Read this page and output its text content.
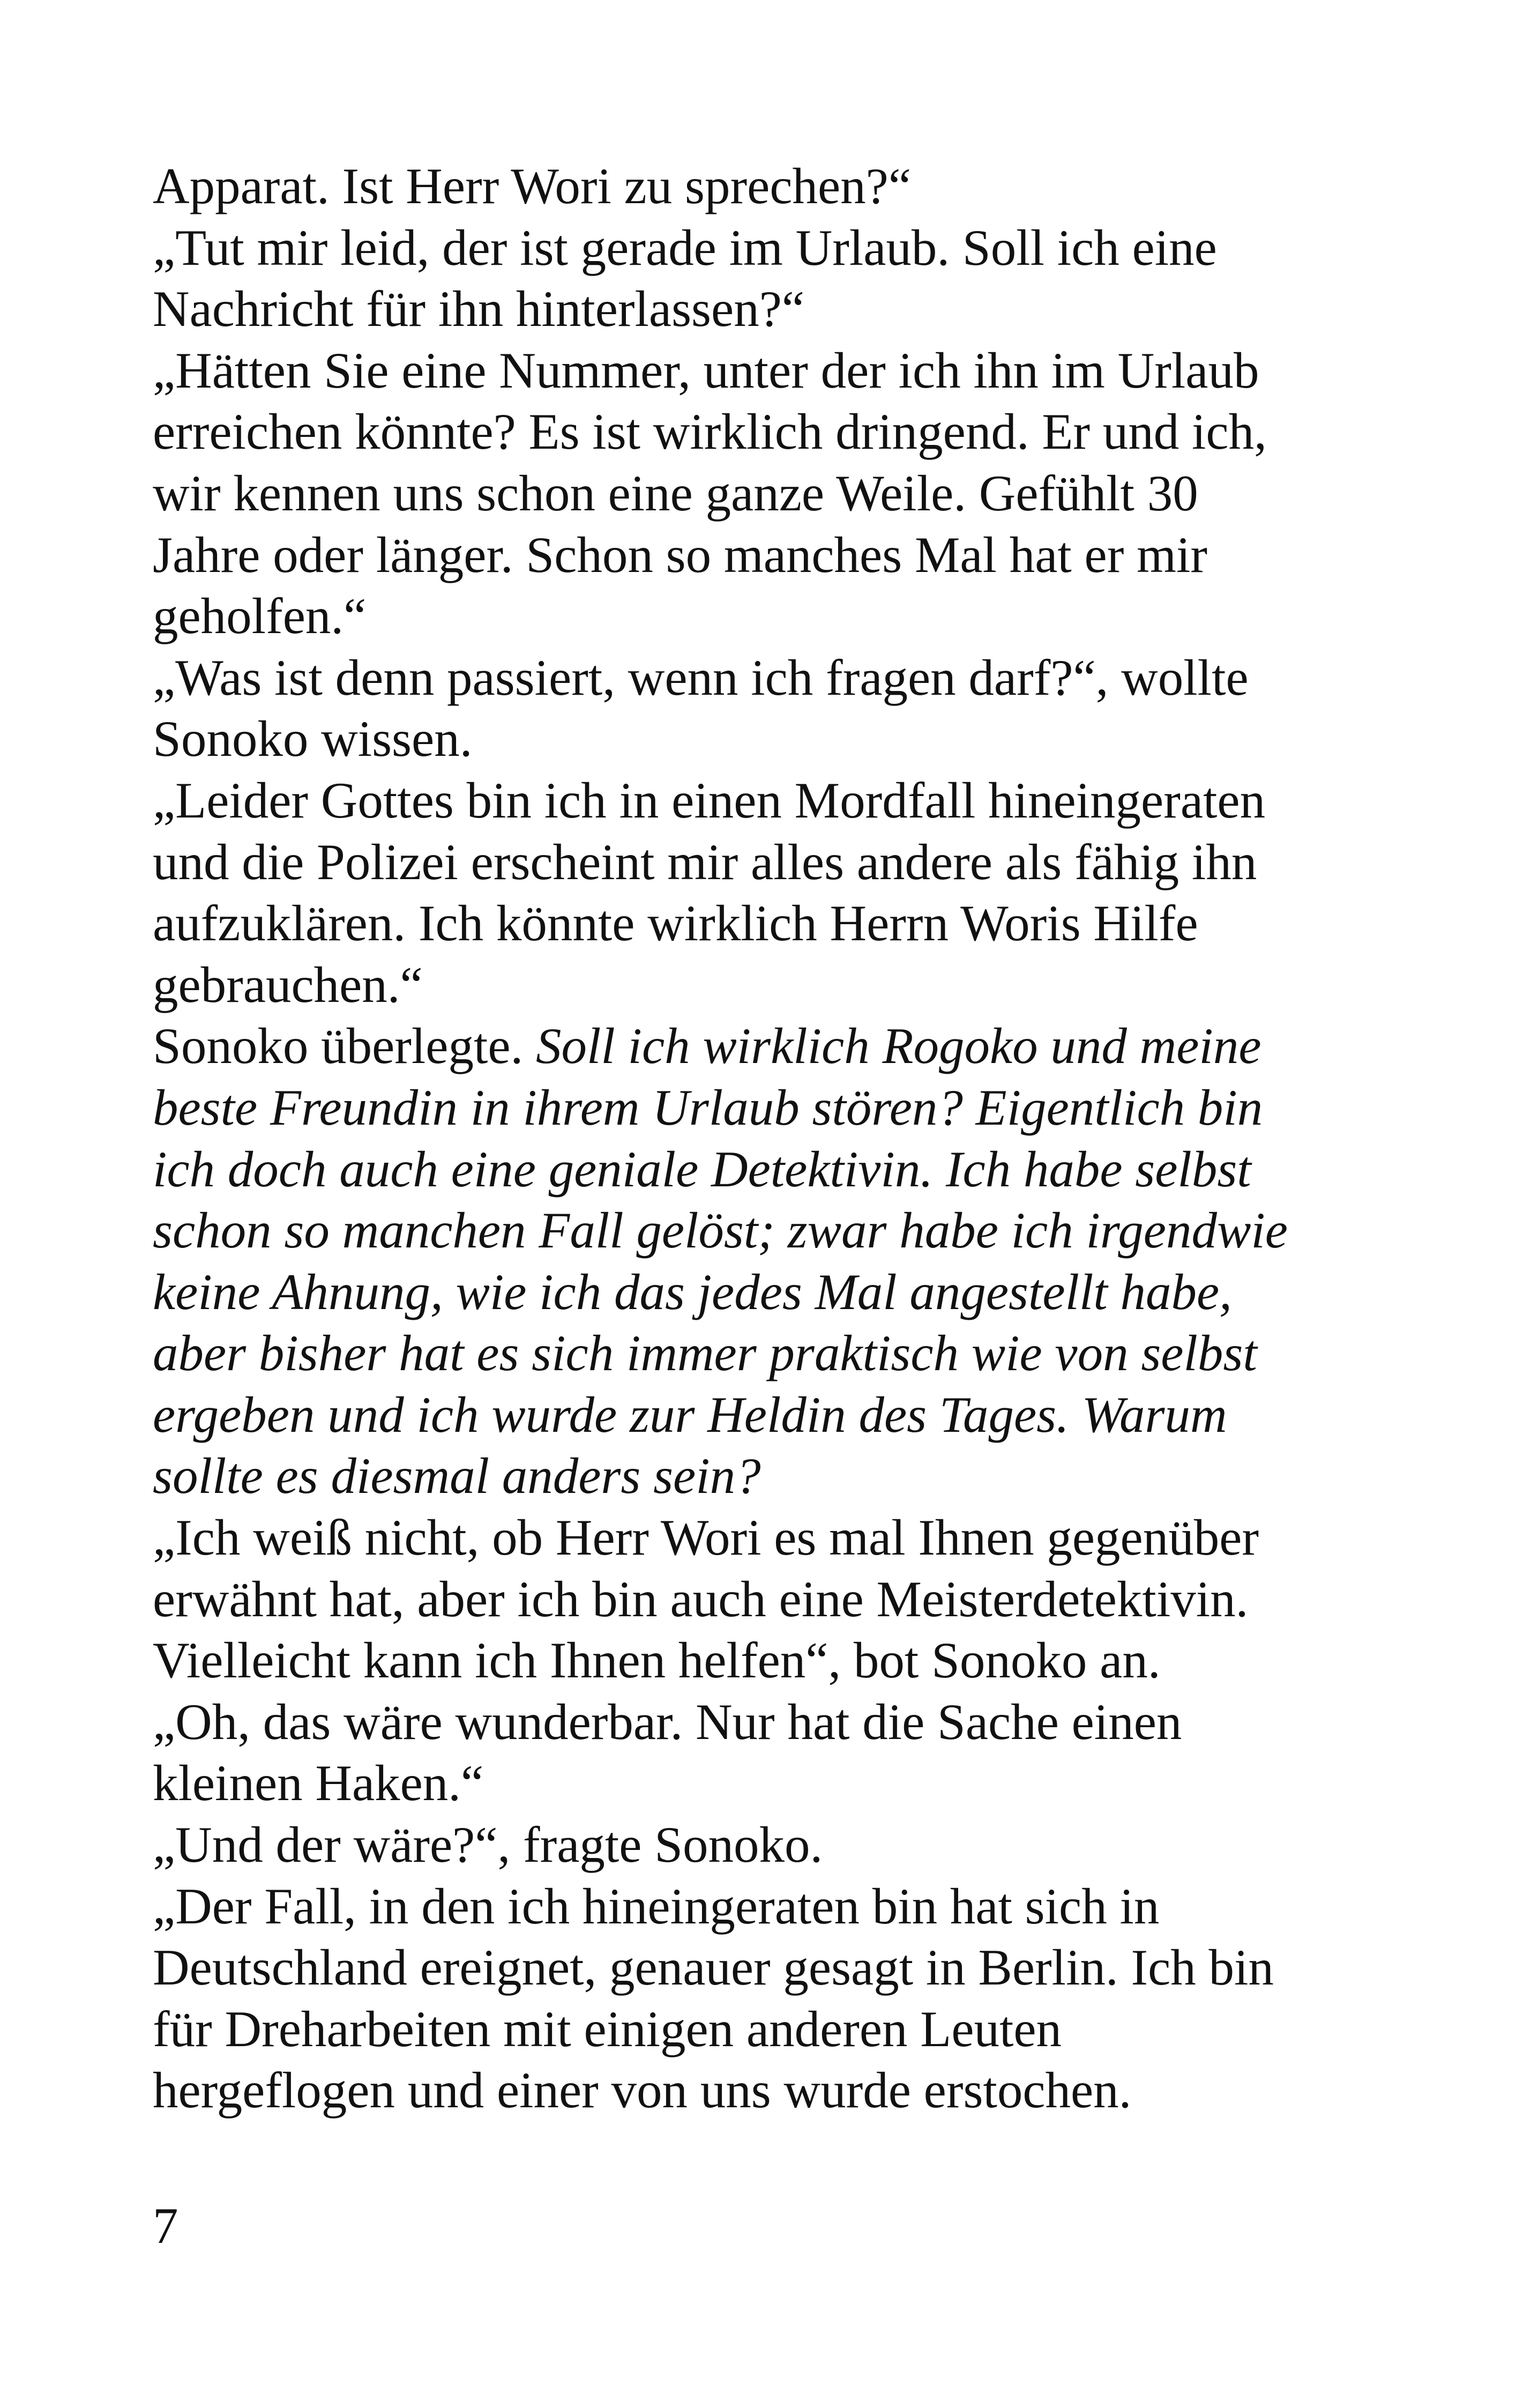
Apparat. Ist Herr Wori zu sprechen?“
„Tut mir leid, der ist gerade im Urlaub. Soll ich eine
Nachricht für ihn hinterlassen?“
„Hätten Sie eine Nummer, unter der ich ihn im Urlaub
erreichen könnte? Es ist wirklich dringend. Er und ich,
wir kennen uns schon eine ganze Weile. Gefühlt 30
Jahre oder länger. Schon so manches Mal hat er mir
geholfen.“
„Was ist denn passiert, wenn ich fragen darf?“, wollte
Sonoko wissen.
„Leider Gottes bin ich in einen Mordfall hineingeraten
und die Polizei erscheint mir alles andere als fähig ihn
aufzuklären. Ich könnte wirklich Herrn Woris Hilfe
gebrauchen.“
Sonoko überlegte. Soll ich wirklich Rogoko und meine
beste Freundin in ihrem Urlaub stören? Eigentlich bin
ich doch auch eine geniale Detektivin. Ich habe selbst
schon so manchen Fall gelöst; zwar habe ich irgendwie
keine Ahnung, wie ich das jedes Mal angestellt habe,
aber bisher hat es sich immer praktisch wie von selbst
ergeben und ich wurde zur Heldin des Tages. Warum
sollte es diesmal anders sein?
„Ich weiß nicht, ob Herr Wori es mal Ihnen gegenüber
erwähnt hat, aber ich bin auch eine Meisterdetektivin.
Vielleicht kann ich Ihnen helfen“, bot Sonoko an.
„Oh, das wäre wunderbar. Nur hat die Sache einen
kleinen Haken.“
„Und der wäre?“, fragte Sonoko.
„Der Fall, in den ich hineingeraten bin hat sich in
Deutschland ereignet, genauer gesagt in Berlin. Ich bin
für Dreharbeiten mit einigen anderen Leuten
hergeflogen und einer von uns wurde erstochen.
7
